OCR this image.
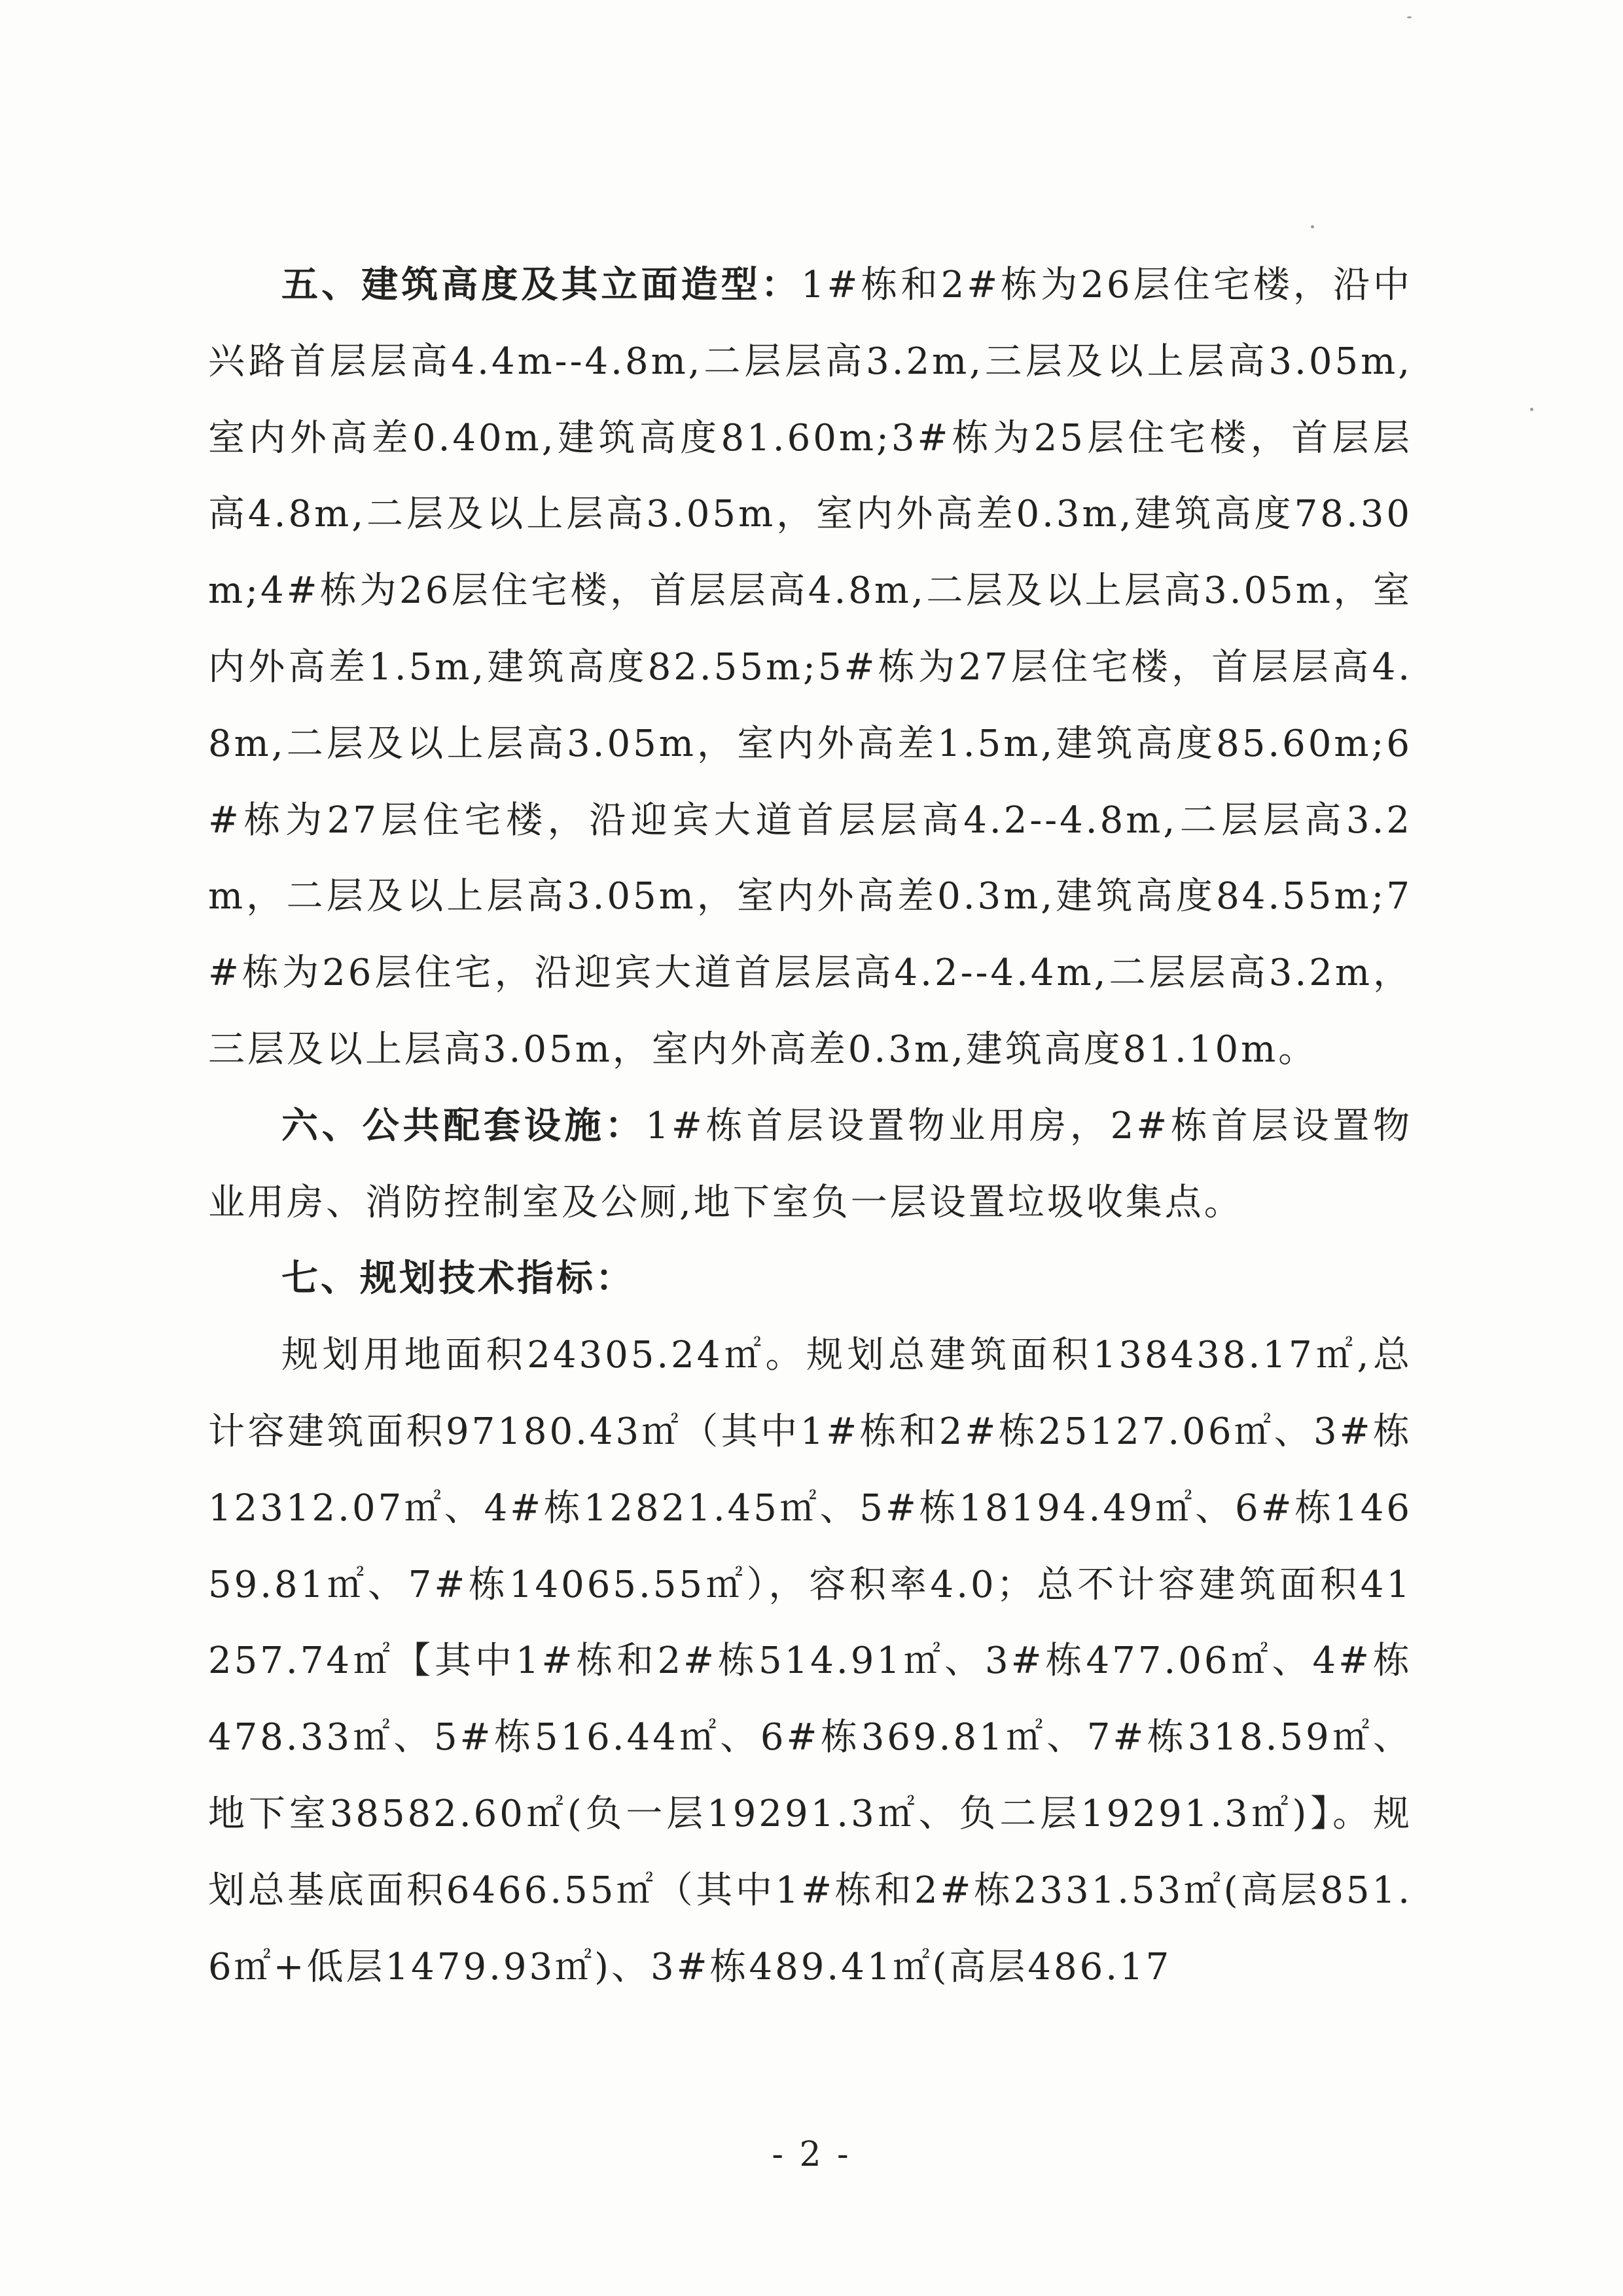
五、建筑高度及其立面造型：1#栋和2#栋为26层住宅楼，沿中兴路首层层高4.4m--4.8m,二层层高3.2m,三层及以上层高3.05m,室内外高差0.40m,建筑高度81.60m;3#栋为25层住宅楼，首层层高4.8m,二层及以上层高3.05m，室内外高差0.3m,建筑高度78.30m;4#栋为26层住宅楼，首层层高4.8m,二层及以上层高3.05m，室内外高差1.5m,建筑高度82.55m;5#栋为27层住宅楼，首层层高4.8m,二层及以上层高3.05m，室内外高差1.5m,建筑高度85.60m;6#栋为27层住宅楼，沿迎宾大道首层层高4.2--4.8m,二层层高3.2m，二层及以上层高3.05m，室内外高差0.3m,建筑高度84.55m;7#栋为26层住宅，沿迎宾大道首层层高4.2--4.4m,二层层高3.2m，三层及以上层高3.05m，室内外高差0.3m,建筑高度81.10m。

六、公共配套设施：1#栋首层设置物业用房，2#栋首层设置物业用房、消防控制室及公厕,地下室负一层设置垃圾收集点。

七、规划技术指标：

规划用地面积24305.24㎡。规划总建筑面积138438.17㎡,总计容建筑面积97180.43㎡（其中1#栋和2#栋25127.06㎡、3#栋12312.07㎡、4#栋12821.45㎡、5#栋18194.49㎡、6#栋14659.81㎡、7#栋14065.55㎡），容积率4.0；总不计容建筑面积41257.74㎡【其中1#栋和2#栋514.91㎡、3#栋477.06㎡、4#栋478.33㎡、5#栋516.44㎡、6#栋369.81㎡、7#栋318.59㎡、地下室38582.60㎡(负一层19291.3㎡、负二层19291.3㎡)】。规划总基底面积6466.55㎡（其中1#栋和2#栋2331.53㎡(高层851.6㎡+低层1479.93㎡)、3#栋489.41㎡(高层486.17

- 2 -
